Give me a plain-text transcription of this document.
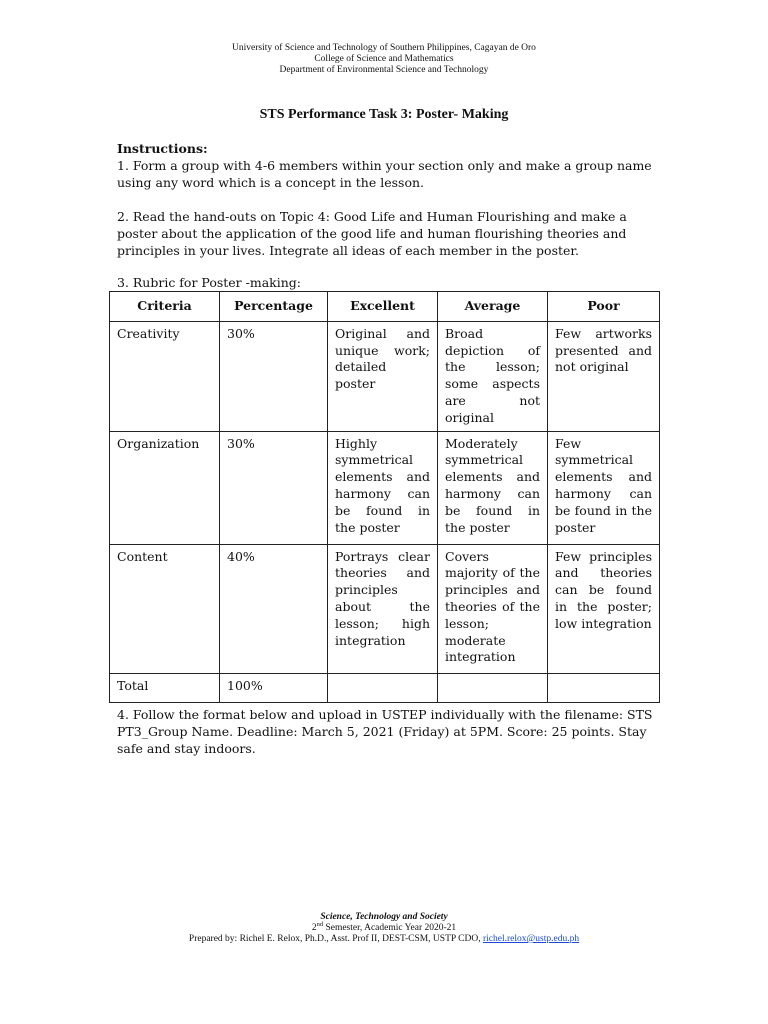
University of Science and Technology of Southern Philippines, Cagayan de Oro
College of Science and Mathematics
Department of Environmental Science and Technology
STS Performance Task 3: Poster- Making
Instructions:
1. Form a group with 4-6 members within your section only and make a group name using any word which is a concept in the lesson.
2. Read the hand-outs on Topic 4: Good Life and Human Flourishing and make a poster about the application of the good life and human flourishing theories and principles in your lives. Integrate all ideas of each member in the poster.
3. Rubric for Poster -making:
Criteria	Percentage	Excellent	Average	Poor
Creativity	30%	Original and unique work; detailed poster	Broad depiction of the lesson; some aspects are not original	Few artworks presented and not original
Organization	30%	Highly symmetrical elements and harmony can be found in the poster	Moderately symmetrical elements and harmony can be found in the poster	Few symmetrical elements and harmony can be found in the poster
Content	40%	Portrays clear theories and principles about the lesson; high integration	Covers majority of the principles and theories of the lesson; moderate integration	Few principles and theories can be found in the poster; low integration
Total	100%			
4. Follow the format below and upload in USTEP individually with the filename: STS PT3_Group Name. Deadline: March 5, 2021 (Friday) at 5PM. Score: 25 points. Stay safe and stay indoors.
Science, Technology and Society
2nd Semester, Academic Year 2020-21
Prepared by: Richel E. Relox, Ph.D., Asst. Prof II, DEST-CSM, USTP CDO, richel.relox@ustp.edu.ph
